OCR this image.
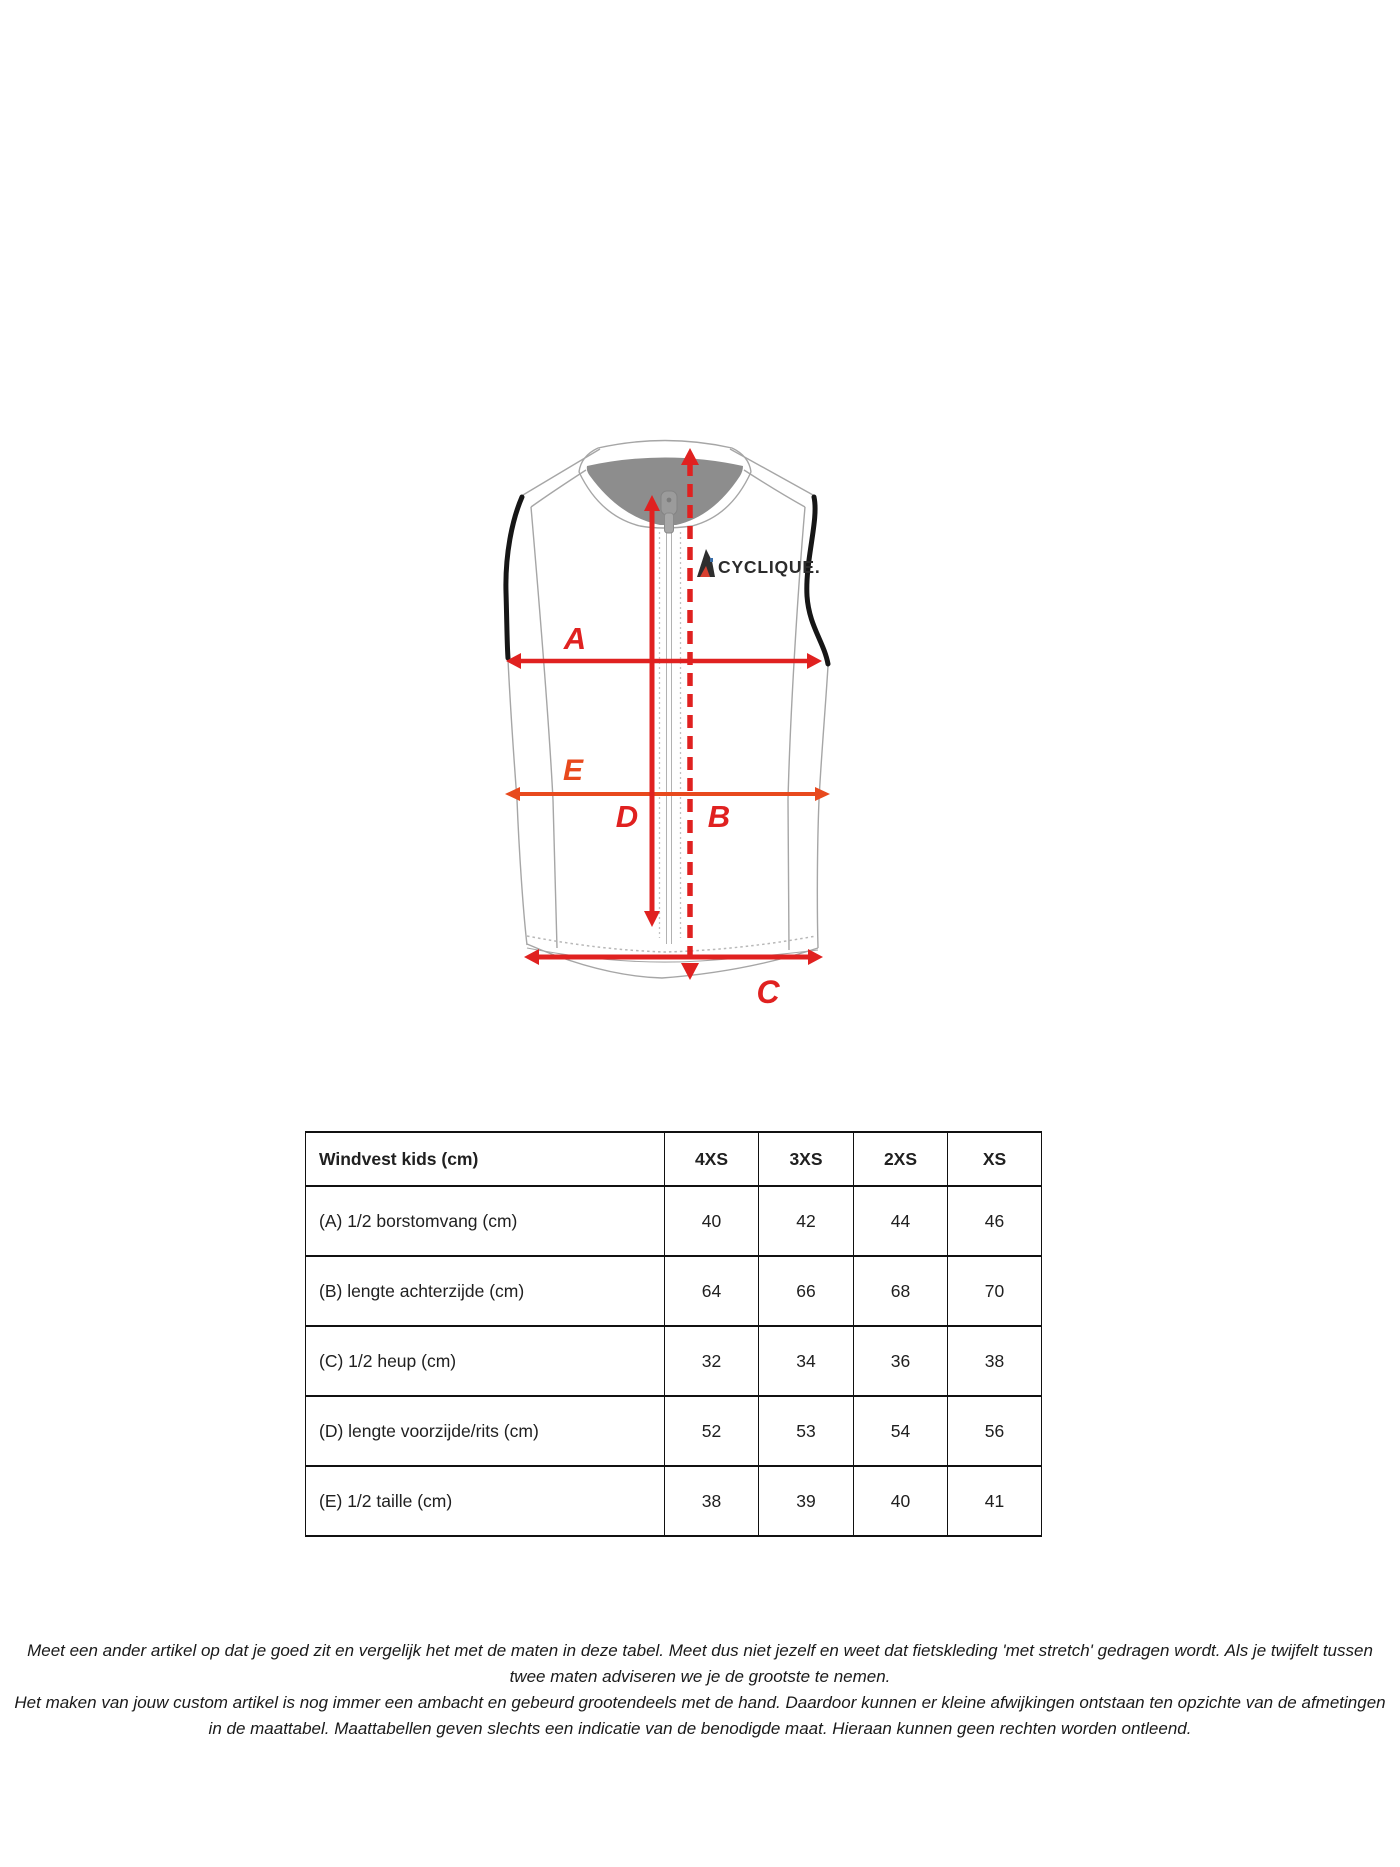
CYCLIQUE.
A
E
D B
C
Windvest kids (cm)	4XS	3XS	2XS	XS
(A) 1/2 borstomvang (cm)	40	42	44	46
(B) lengte achterzijde (cm)	64	66	68	70
(C) 1/2 heup (cm)	32	34	36	38
(D) lengte voorzijde/rits (cm)	52	53	54	56
(E) 1/2 taille (cm)	38	39	40	41

Meet een ander artikel op dat je goed zit en vergelijk het met de maten in deze tabel. Meet dus niet jezelf en weet dat fietskleding 'met stretch' gedragen wordt. Als je twijfelt tussen twee maten adviseren we je de grootste te nemen.

Het maken van jouw custom artikel is nog immer een ambacht en gebeurd grootendeels met de hand. Daardoor kunnen er kleine afwijkingen ontstaan ten opzichte van de afmetingen in de maattabel. Maattabellen geven slechts een indicatie van de benodigde maat. Hieraan kunnen geen rechten worden ontleend.
